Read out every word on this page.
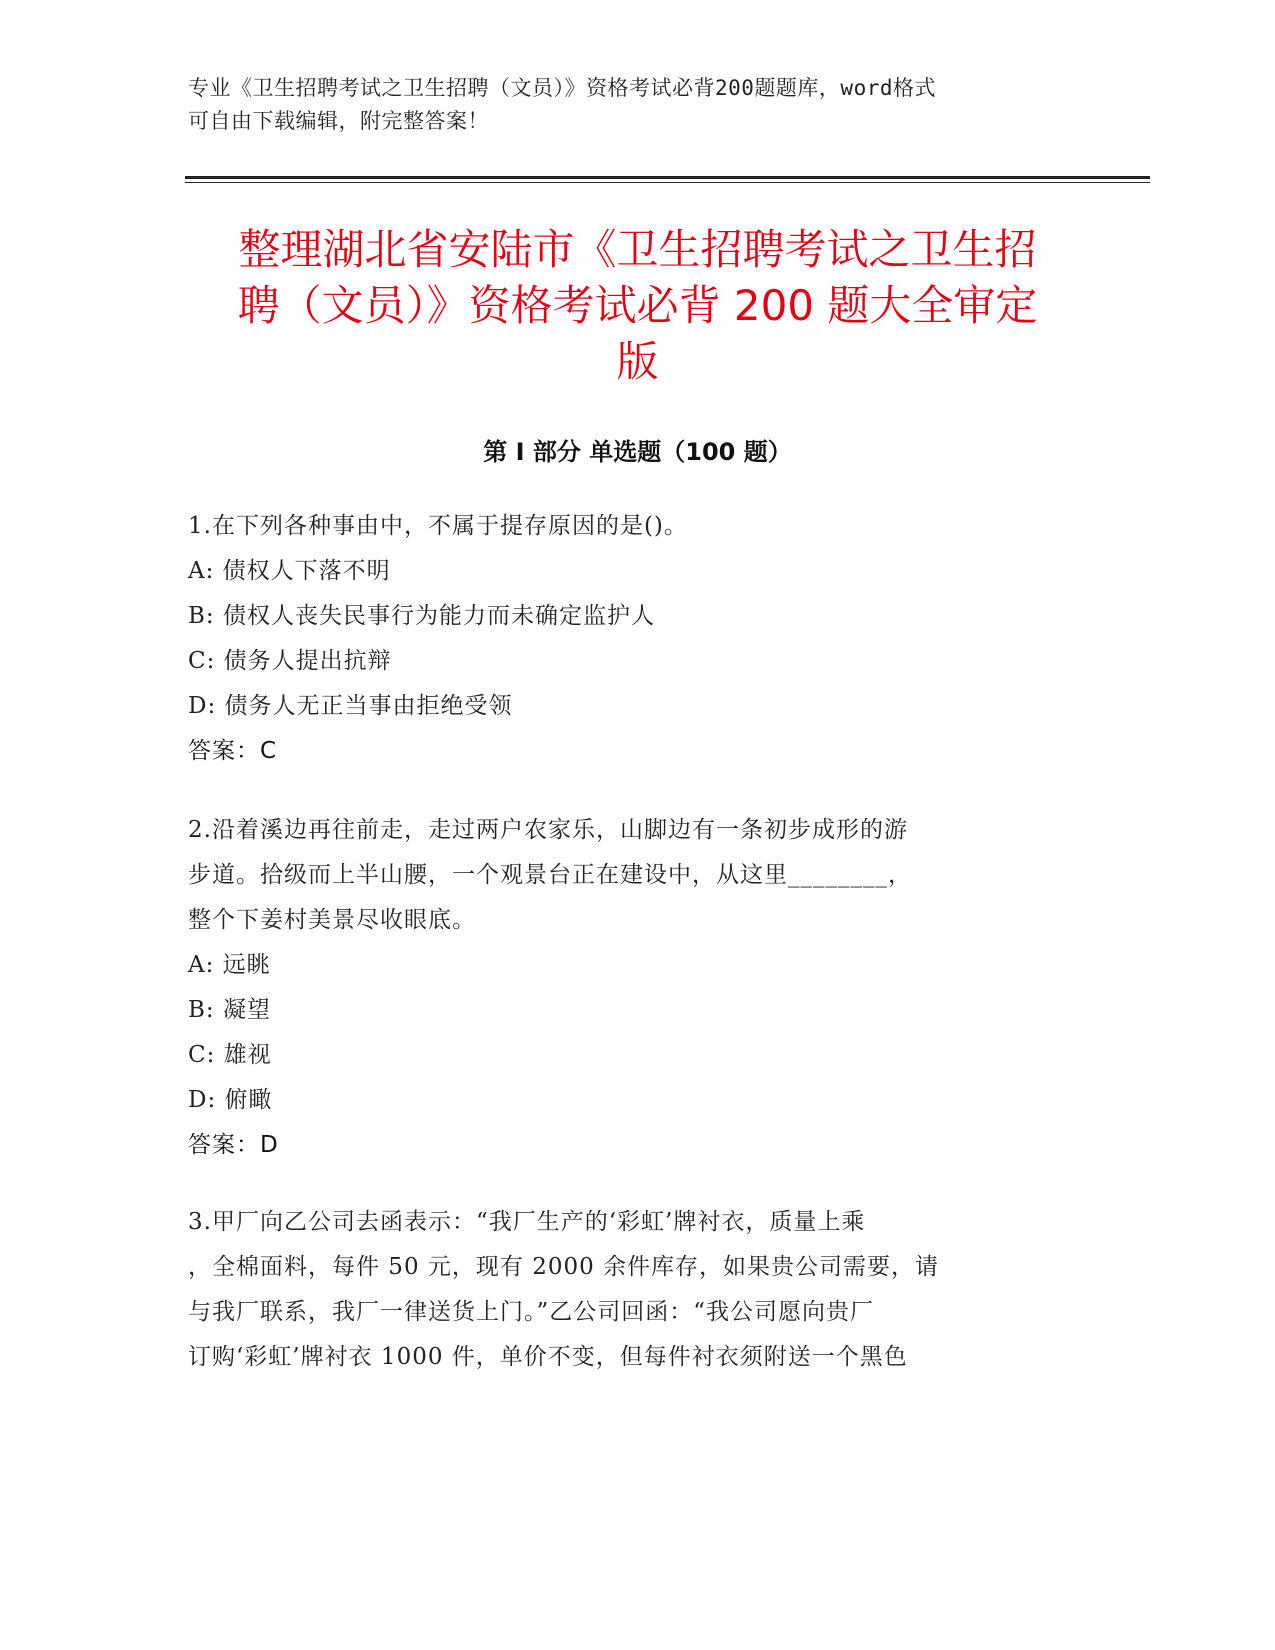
专业《卫生招聘考试之卫生招聘（文员）》资格考试必背200题题库，word格式
可自由下载编辑，附完整答案！
整理湖北省安陆市《卫生招聘考试之卫生招
聘（文员）》资格考试必背 200 题大全审定
版
第 I 部分 单选题（100 题）
1.在下列各种事由中，不属于提存原因的是()。
A: 债权人下落不明
B: 债权人丧失民事行为能力而未确定监护人
C: 债务人提出抗辩
D: 债务人无正当事由拒绝受领
答案：C
2.沿着溪边再往前走，走过两户农家乐，山脚边有一条初步成形的游
步道。拾级而上半山腰，一个观景台正在建设中，从这里________，
整个下姜村美景尽收眼底。
A: 远眺
B: 凝望
C: 雄视
D: 俯瞰
答案：D
3.甲厂向乙公司去函表示：“我厂生产的‘彩虹’牌衬衣，质量上乘
，全棉面料，每件 50 元，现有 2000 余件库存，如果贵公司需要，请
与我厂联系，我厂一律送货上门。”乙公司回函：“我公司愿向贵厂
订购‘彩虹’牌衬衣 1000 件，单价不变，但每件衬衣须附送一个黑色
